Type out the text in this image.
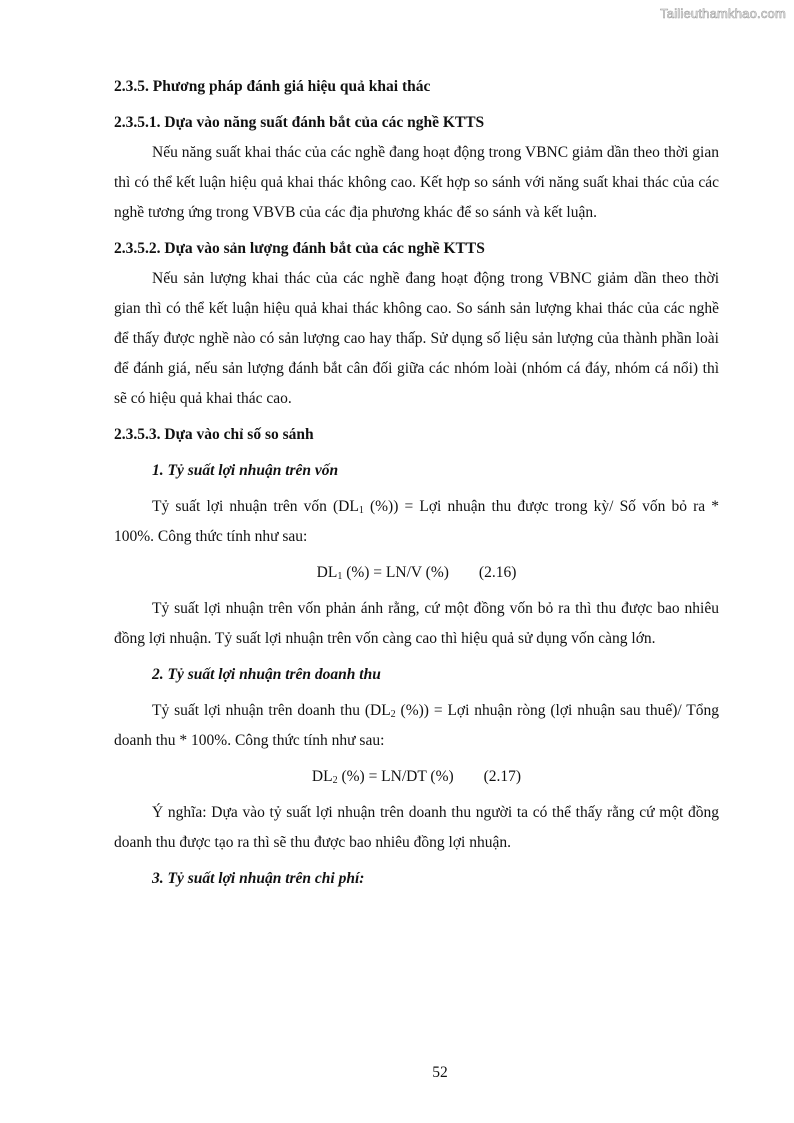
Tailieuthamkhao.com

2.3.5. Phương pháp đánh giá hiệu quả khai thác

2.3.5.1. Dựa vào năng suất đánh bắt của các nghề KTTS

Nếu năng suất khai thác của các nghề đang hoạt động trong VBNC giảm dần theo thời gian thì có thể kết luận hiệu quả khai thác không cao. Kết hợp so sánh với năng suất khai thác của các nghề tương ứng trong VBVB của các địa phương khác để so sánh và kết luận.

2.3.5.2. Dựa vào sản lượng đánh bắt của các nghề KTTS

Nếu sản lượng khai thác của các nghề đang hoạt động trong VBNC giảm dần theo thời gian thì có thể kết luận hiệu quả khai thác không cao. So sánh sản lượng khai thác của các nghề để thấy được nghề nào có sản lượng cao hay thấp. Sử dụng số liệu sản lượng của thành phần loài để đánh giá, nếu sản lượng đánh bắt cân đối giữa các nhóm loài (nhóm cá đáy, nhóm cá nổi) thì sẽ có hiệu quả khai thác cao.

2.3.5.3. Dựa vào chỉ số so sánh

1. Tỷ suất lợi nhuận trên vốn

Tỷ suất lợi nhuận trên vốn ($DL_1$ (%)) = Lợi nhuận thu được trong kỳ/ Số vốn bỏ ra * 100%. Công thức tính như sau:

$DL_1$ (%) = LN/V (%) (2.16)

Tỷ suất lợi nhuận trên vốn phản ánh rằng, cứ một đồng vốn bỏ ra thì thu được bao nhiêu đồng lợi nhuận. Tỷ suất lợi nhuận trên vốn càng cao thì hiệu quả sử dụng vốn càng lớn.

2. Tỷ suất lợi nhuận trên doanh thu

Tỷ suất lợi nhuận trên doanh thu ($DL_2$ (%)) = Lợi nhuận ròng (lợi nhuận sau thuế)/ Tổng doanh thu * 100%. Công thức tính như sau:

$DL_2$ (%) = LN/DT (%) (2.17)

Ý nghĩa: Dựa vào tỷ suất lợi nhuận trên doanh thu người ta có thể thấy rằng cứ một đồng doanh thu được tạo ra thì sẽ thu được bao nhiêu đồng lợi nhuận.

3. Tỷ suất lợi nhuận trên chi phí:

52
